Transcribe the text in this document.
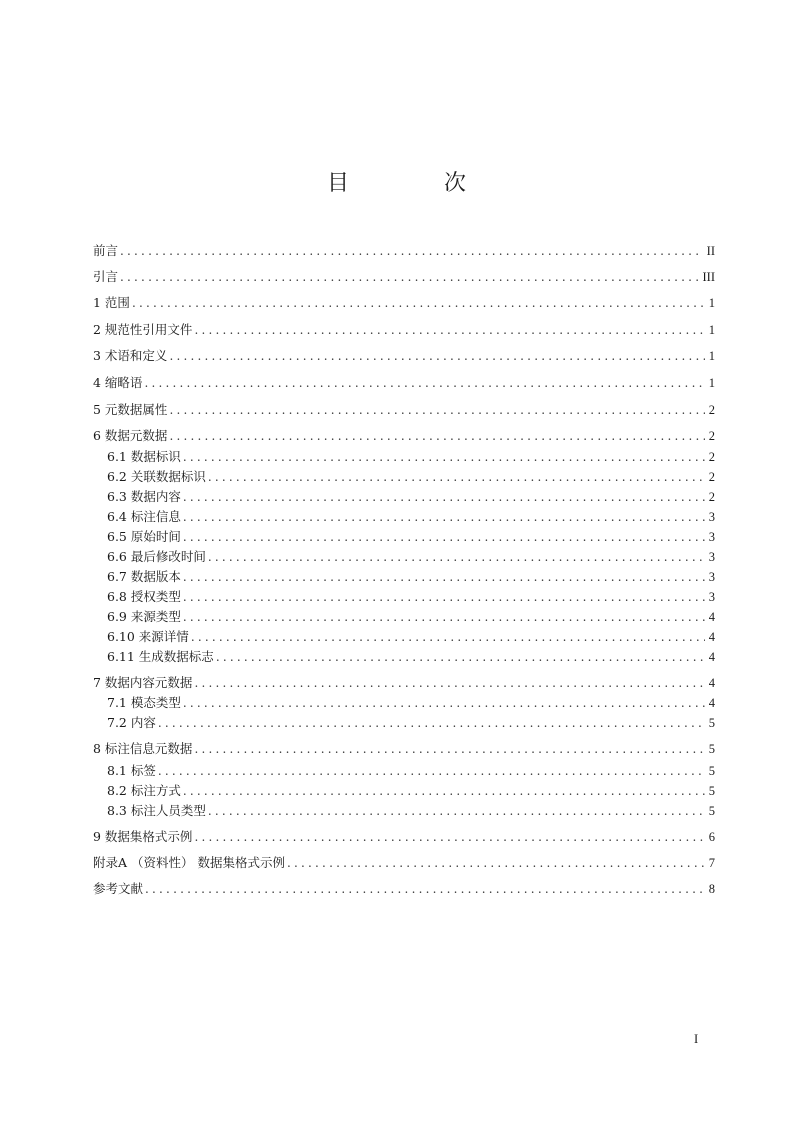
目 次
前言 .....	II
引言 .....	III
1 范围 .....	1
2 规范性引用文件 .....	1
3 术语和定义 .....	1
4 缩略语 .....	1
5 元数据属性 .....	2
6 数据元数据 .....	2
6.1 数据标识 .....	2
6.2 关联数据标识 .....	2
6.3 数据内容 .....	2
6.4 标注信息 .....	3
6.5 原始时间 .....	3
6.6 最后修改时间 .....	3
6.7 数据版本 .....	3
6.8 授权类型 .....	3
6.9 来源类型 .....	4
6.10 来源详情 .....	4
6.11 生成数据标志 .....	4
7 数据内容元数据 .....	4
7.1 模态类型 .....	4
7.2 内容 .....	5
8 标注信息元数据 .....	5
8.1 标签 .....	5
8.2 标注方式 .....	5
8.3 标注人员类型 .....	5
9 数据集格式示例 .....	6
附录A （资料性） 数据集格式示例 .....	7
参考文献 .....	8
I
